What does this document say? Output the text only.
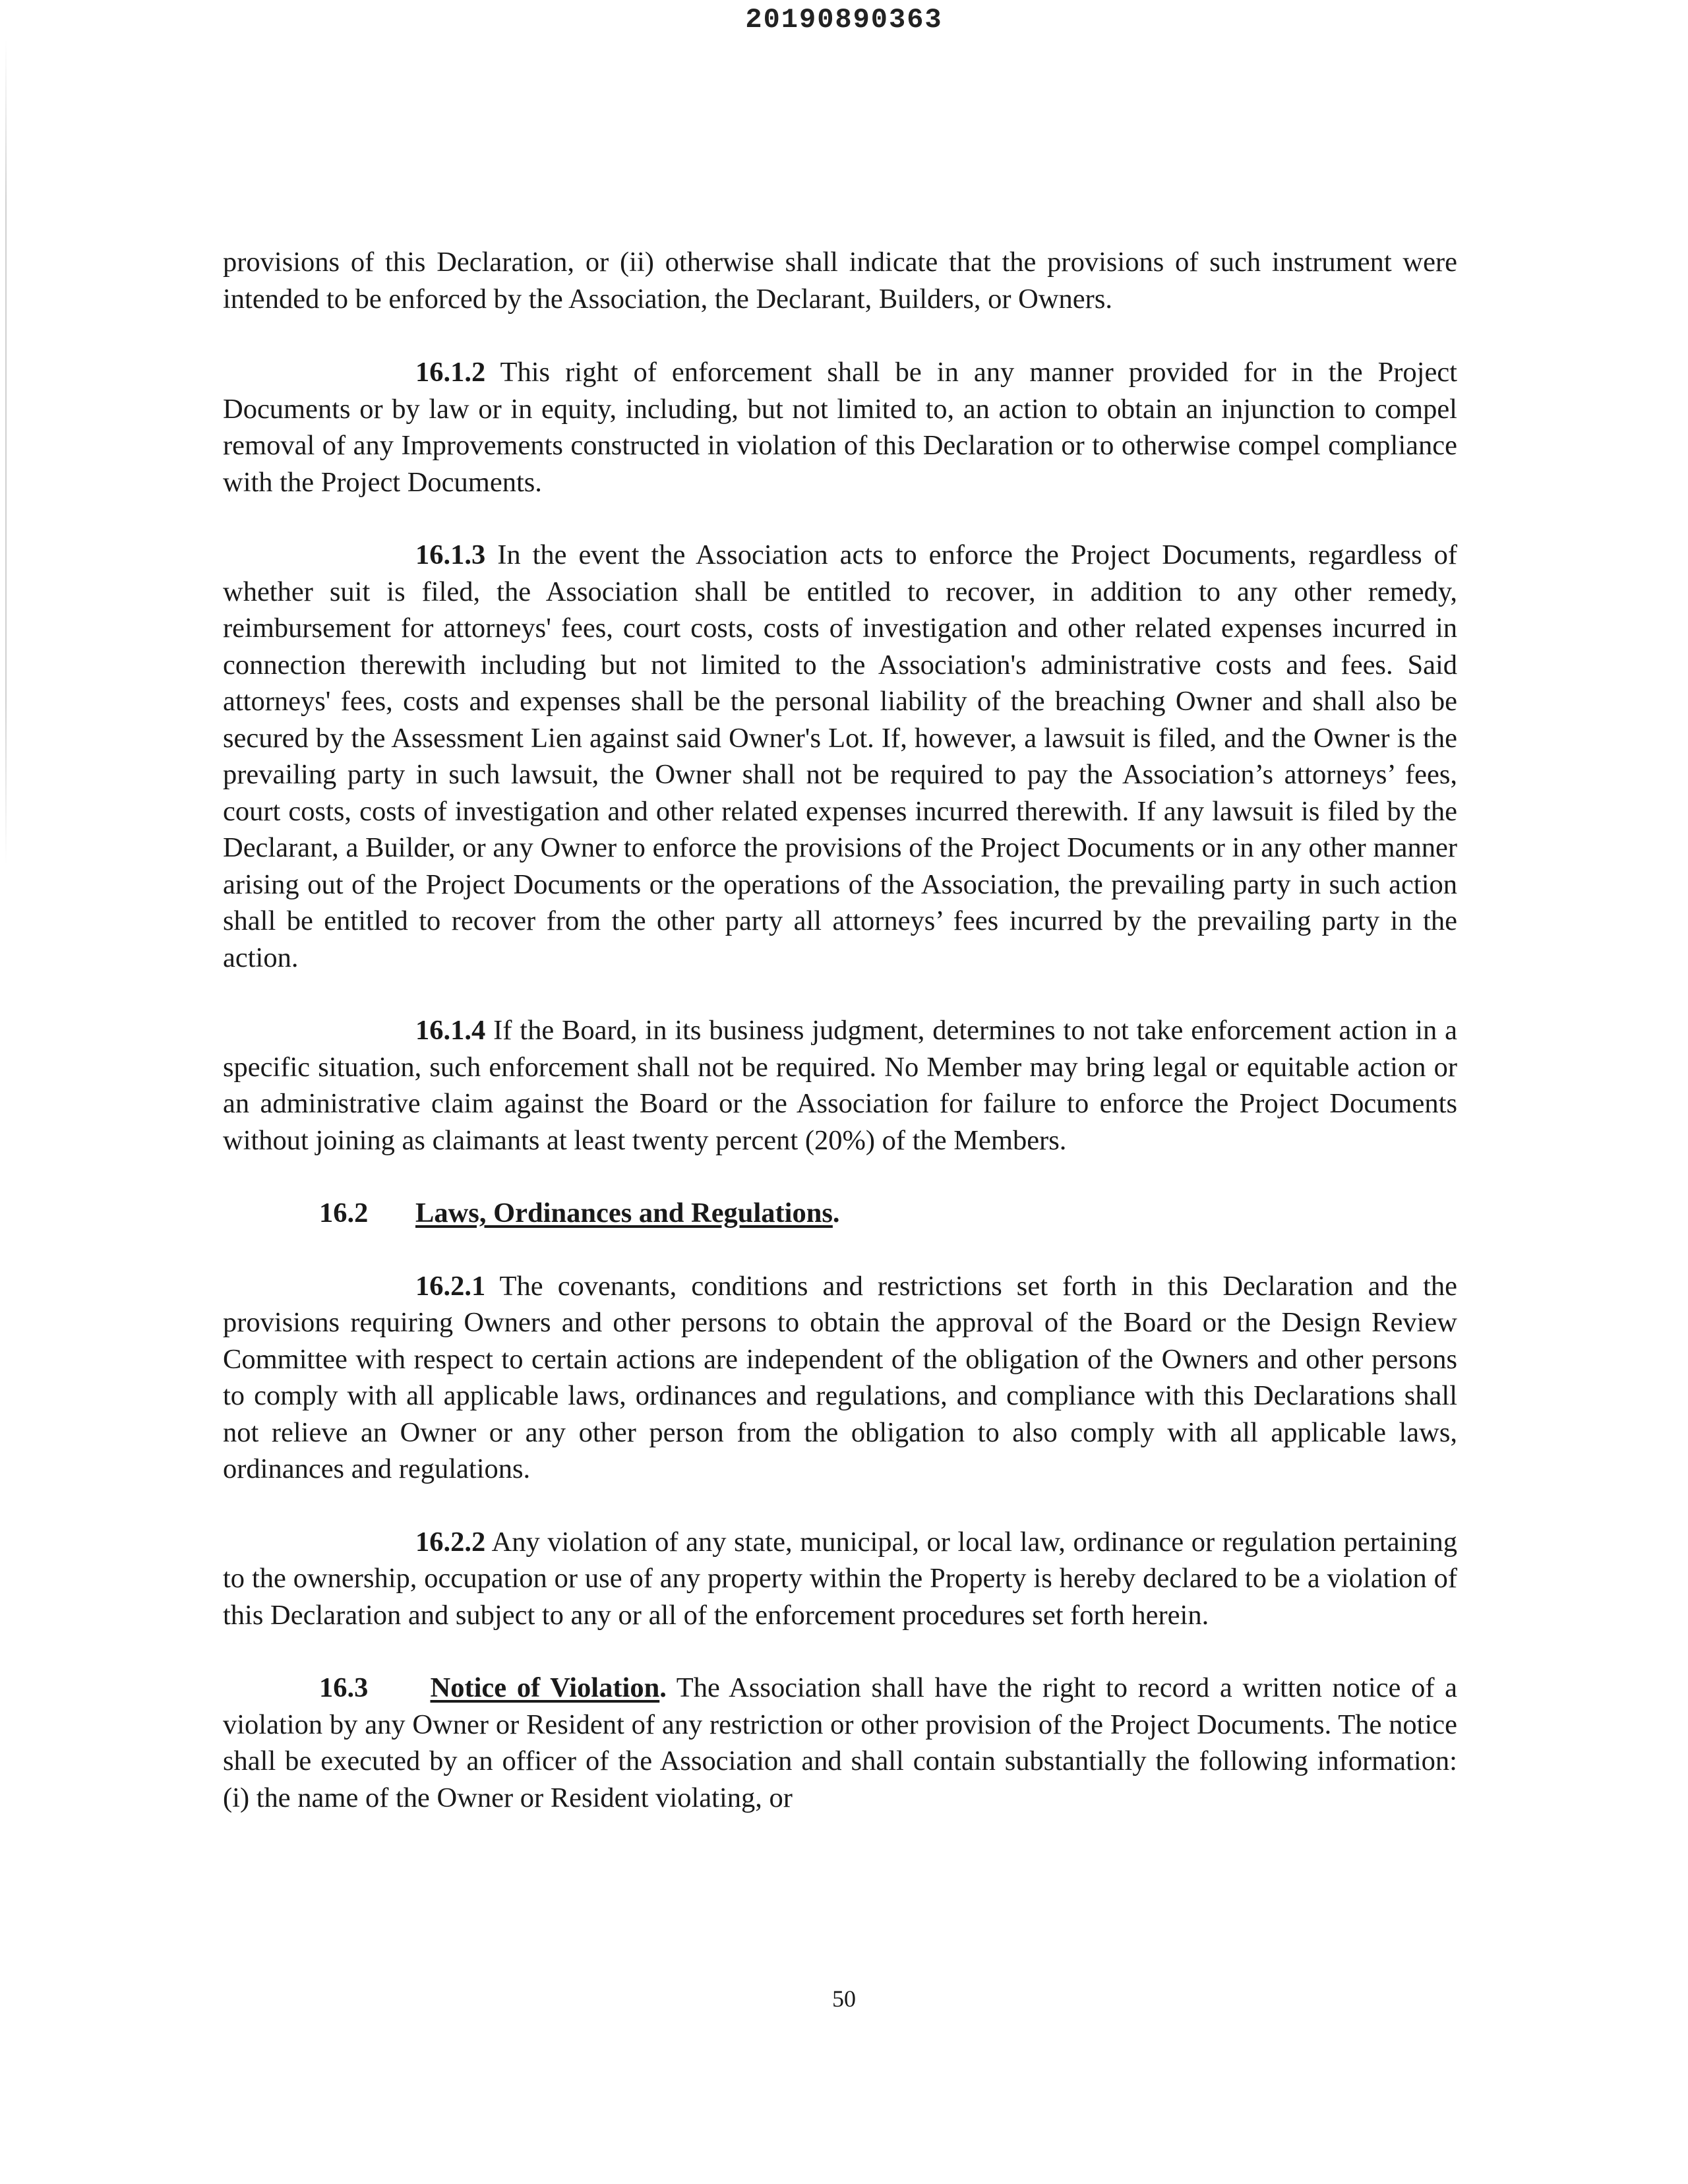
20190890363

provisions of this Declaration, or (ii) otherwise shall indicate that the provisions of such instrument were intended to be enforced by the Association, the Declarant, Builders, or Owners.

16.1.2 This right of enforcement shall be in any manner provided for in the Project Documents or by law or in equity, including, but not limited to, an action to obtain an injunction to compel removal of any Improvements constructed in violation of this Declaration or to otherwise compel compliance with the Project Documents.

16.1.3 In the event the Association acts to enforce the Project Documents, regardless of whether suit is filed, the Association shall be entitled to recover, in addition to any other remedy, reimbursement for attorneys' fees, court costs, costs of investigation and other related expenses incurred in connection therewith including but not limited to the Association's administrative costs and fees. Said attorneys' fees, costs and expenses shall be the personal liability of the breaching Owner and shall also be secured by the Assessment Lien against said Owner's Lot. If, however, a lawsuit is filed, and the Owner is the prevailing party in such lawsuit, the Owner shall not be required to pay the Association’s attorneys’ fees, court costs, costs of investigation and other related expenses incurred therewith. If any lawsuit is filed by the Declarant, a Builder, or any Owner to enforce the provisions of the Project Documents or in any other manner arising out of the Project Documents or the operations of the Association, the prevailing party in such action shall be entitled to recover from the other party all attorneys’ fees incurred by the prevailing party in the action.

16.1.4 If the Board, in its business judgment, determines to not take enforcement action in a specific situation, such enforcement shall not be required. No Member may bring legal or equitable action or an administrative claim against the Board or the Association for failure to enforce the Project Documents without joining as claimants at least twenty percent (20%) of the Members.

16.2 Laws, Ordinances and Regulations.

16.2.1 The covenants, conditions and restrictions set forth in this Declaration and the provisions requiring Owners and other persons to obtain the approval of the Board or the Design Review Committee with respect to certain actions are independent of the obligation of the Owners and other persons to comply with all applicable laws, ordinances and regulations, and compliance with this Declarations shall not relieve an Owner or any other person from the obligation to also comply with all applicable laws, ordinances and regulations.

16.2.2 Any violation of any state, municipal, or local law, ordinance or regulation pertaining to the ownership, occupation or use of any property within the Property is hereby declared to be a violation of this Declaration and subject to any or all of the enforcement procedures set forth herein.

16.3 Notice of Violation. The Association shall have the right to record a written notice of a violation by any Owner or Resident of any restriction or other provision of the Project Documents. The notice shall be executed by an officer of the Association and shall contain substantially the following information: (i) the name of the Owner or Resident violating, or

50
